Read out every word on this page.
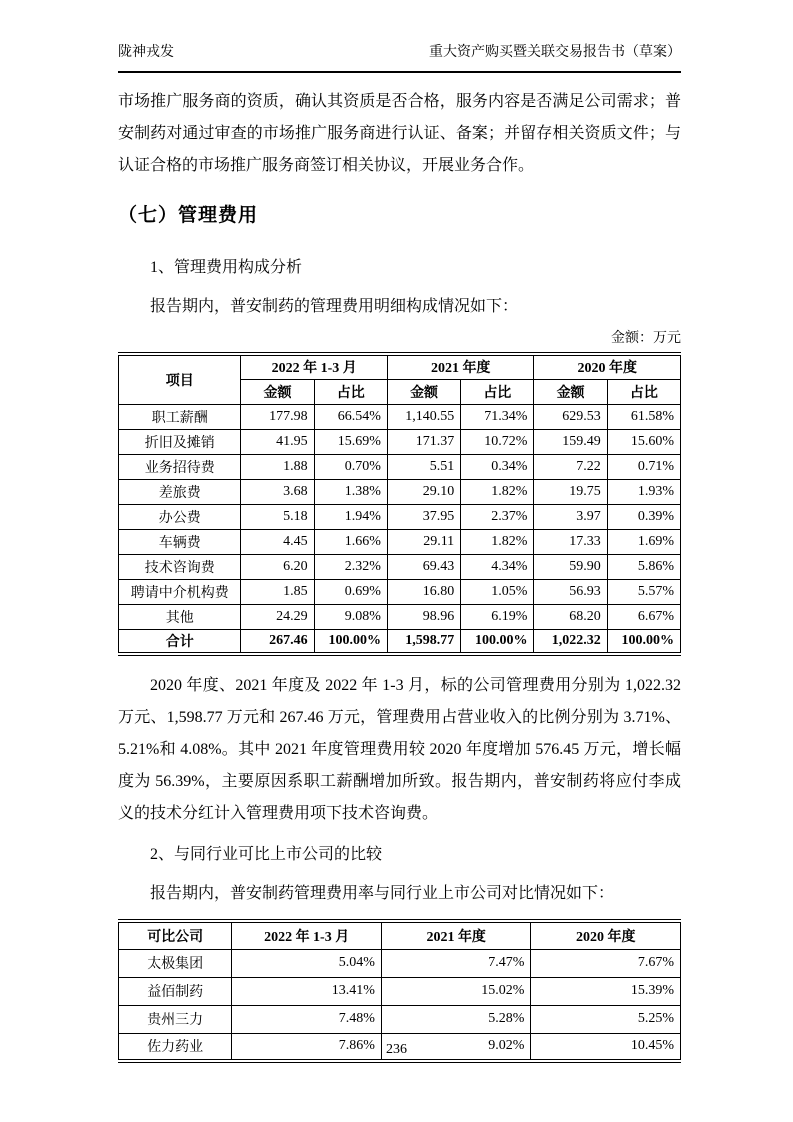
陇神戎发	重大资产购买暨关联交易报告书（草案）

市场推广服务商的资质，确认其资质是否合格，服务内容是否满足公司需求；普安制药对通过审查的市场推广服务商进行认证、备案；并留存相关资质文件；与认证合格的市场推广服务商签订相关协议，开展业务合作。

（七）管理费用

1、管理费用构成分析

报告期内，普安制药的管理费用明细构成情况如下：

金额：万元
项目	2022 年 1-3 月		2021 年度		2020 年度	
	金额	占比	金额	占比	金额	占比
职工薪酬	177.98	66.54%	1,140.55	71.34%	629.53	61.58%
折旧及摊销	41.95	15.69%	171.37	10.72%	159.49	15.60%
业务招待费	1.88	0.70%	5.51	0.34%	7.22	0.71%
差旅费	3.68	1.38%	29.10	1.82%	19.75	1.93%
办公费	5.18	1.94%	37.95	2.37%	3.97	0.39%
车辆费	4.45	1.66%	29.11	1.82%	17.33	1.69%
技术咨询费	6.20	2.32%	69.43	4.34%	59.90	5.86%
聘请中介机构费	1.85	0.69%	16.80	1.05%	56.93	5.57%
其他	24.29	9.08%	98.96	6.19%	68.20	6.67%
合计	267.46	100.00%	1,598.77	100.00%	1,022.32	100.00%

2020 年度、2021 年度及 2022 年 1-3 月，标的公司管理费用分别为 1,022.32 万元、1,598.77 万元和 267.46 万元，管理费用占营业收入的比例分别为 3.71%、5.21%和 4.08%。其中 2021 年度管理费用较 2020 年度增加 576.45 万元，增长幅度为 56.39%，主要原因系职工薪酬增加所致。报告期内，普安制药将应付李成义的技术分红计入管理费用项下技术咨询费。

2、与同行业可比上市公司的比较

报告期内，普安制药管理费用率与同行业上市公司对比情况如下：

可比公司	2022 年 1-3 月	2021 年度	2020 年度
太极集团	5.04%	7.47%	7.67%
益佰制药	13.41%	15.02%	15.39%
贵州三力	7.48%	5.28%	5.25%
佐力药业	7.86%	9.02%	10.45%
236
